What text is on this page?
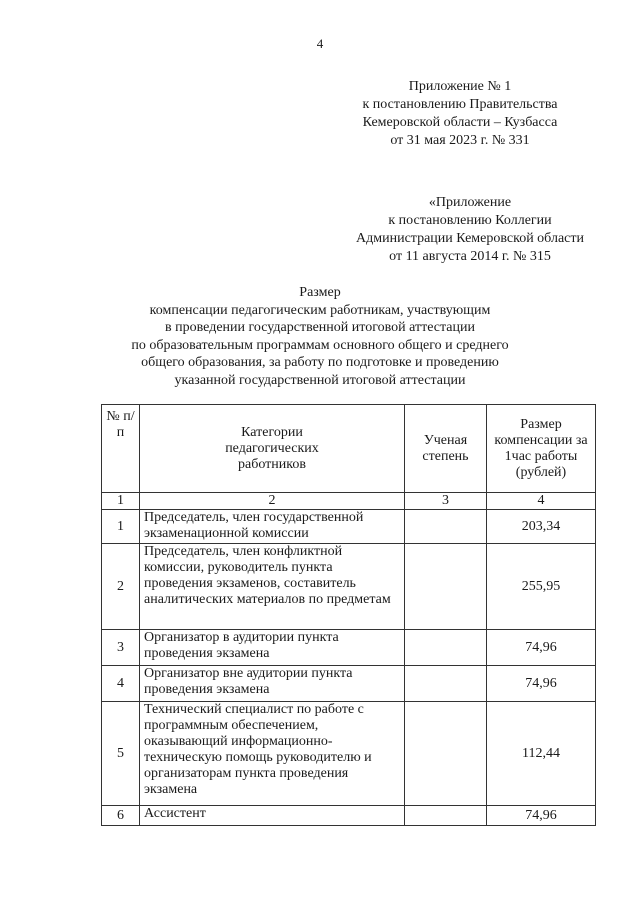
4
Приложение № 1
к постановлению Правительства
Кемеровской области – Кузбасса
от 31 мая 2023 г. № 331
«Приложение
к постановлению Коллегии
Администрации Кемеровской области
от 11 августа 2014 г. № 315
Размер
компенсации педагогическим работникам, участвующим
в проведении государственной итоговой аттестации
по образовательным программам основного общего и среднего
общего образования, за работу по подготовке и проведению
указанной государственной итоговой аттестации
№ п/п	Категории педагогических работников	Ученая степень	Размер компенсации за 1час работы (рублей)
1	2	3	4
1	Председатель, член государственной экзаменационной комиссии		203,34
2	Председатель, член конфликтной комиссии, руководитель пункта проведения экзаменов, составитель аналитических материалов по предметам		255,95
3	Организатор в аудитории пункта проведения экзамена		74,96
4	Организатор вне аудитории пункта проведения экзамена		74,96
5	Технический специалист по работе с программным обеспечением, оказывающий информационно-техническую помощь руководителю и организаторам пункта проведения экзамена		112,44
6	Ассистент		74,96
